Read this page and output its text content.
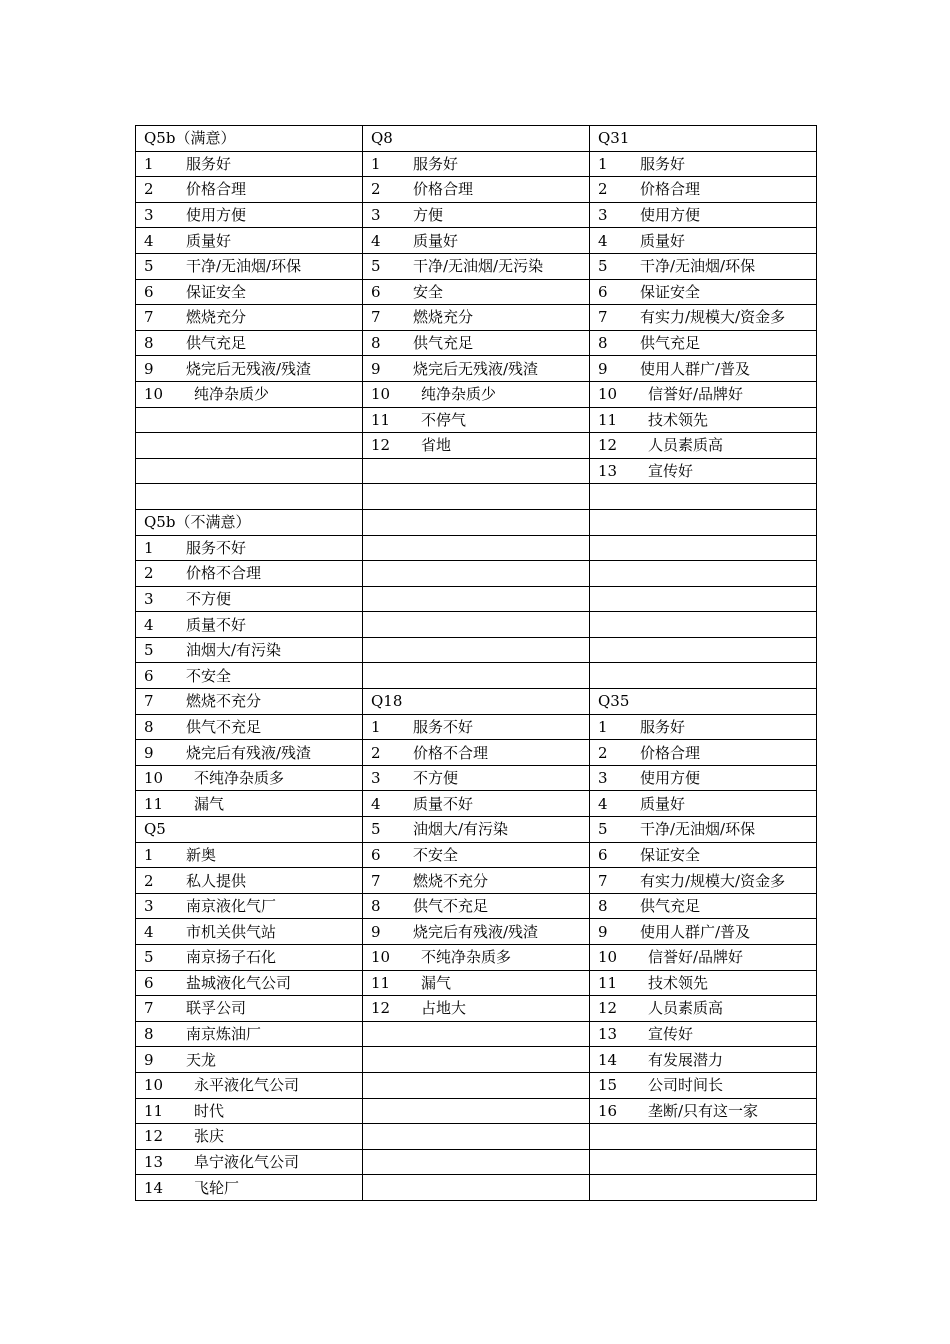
Q5b（满意）	Q8	Q31
1 服务好	1 服务好	1 服务好
2 价格合理	2 价格合理	2 价格合理
3 使用方便	3 方便	3 使用方便
4 质量好	4 质量好	4 质量好
5 干净/无油烟/环保	5 干净/无油烟/无污染	5 干净/无油烟/环保
6 保证安全	6 安全	6 保证安全
7 燃烧充分	7 燃烧充分	7 有实力/规模大/资金多
8 供气充足	8 供气充足	8 供气充足
9 烧完后无残液/残渣	9 烧完后无残液/残渣	9 使用人群广/普及
10 纯净杂质少	10 纯净杂质少	10 信誉好/品牌好
	11 不停气	11 技术领先
	12 省地	12 人员素质高
		13 宣传好

Q5b（不满意）		
1 服务不好		
2 价格不合理		
3 不方便		
4 质量不好		
5 油烟大/有污染		
6 不安全		
7 燃烧不充分	Q18	Q35
8 供气不充足	1 服务不好	1 服务好
9 烧完后有残液/残渣	2 价格不合理	2 价格合理
10 不纯净杂质多	3 不方便	3 使用方便
11 漏气	4 质量不好	4 质量好
Q5	5 油烟大/有污染	5 干净/无油烟/环保
1 新奥	6 不安全	6 保证安全
2 私人提供	7 燃烧不充分	7 有实力/规模大/资金多
3 南京液化气厂	8 供气不充足	8 供气充足
4 市机关供气站	9 烧完后有残液/残渣	9 使用人群广/普及
5 南京扬子石化	10 不纯净杂质多	10 信誉好/品牌好
6 盐城液化气公司	11 漏气	11 技术领先
7 联孚公司	12 占地大	12 人员素质高
8 南京炼油厂		13 宣传好
9 天龙		14 有发展潜力
10 永平液化气公司		15 公司时间长
11 时代		16 垄断/只有这一家
12 张庆		
13 阜宁液化气公司		
14 飞轮厂		
